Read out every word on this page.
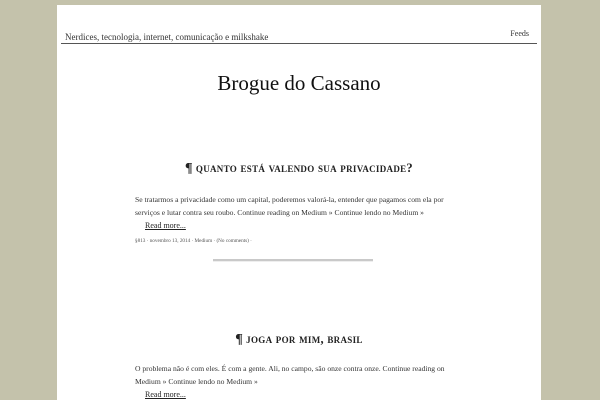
Nerdices, tecnologia, internet, comunicação e milkshake	Feeds
Brogue do Cassano
¶ quanto está valendo sua privacidade?
Se tratarmos a privacidade como um capital, poderemos valorá-la, entender que pagamos com ela por serviços e lutar contra seu roubo. Continue reading on Medium » Continue lendo no Medium »
Read more...
§813 · novembro 13, 2014 · Medium · (No comments) ·
¶ joga por mim, brasil
O problema não é com eles. É com a gente. Ali, no campo, são onze contra onze. Continue reading on Medium » Continue lendo no Medium »
Read more...
